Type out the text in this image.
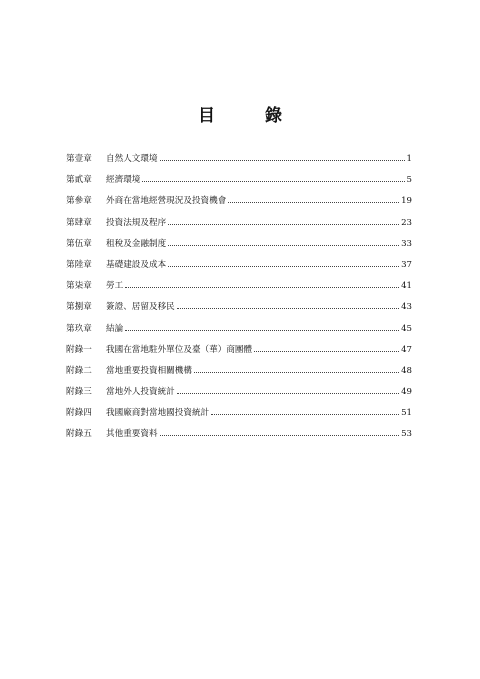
目 錄
第壹章	自然人文環境	1
第貳章	經濟環境	5
第參章	外商在當地經營現況及投資機會	19
第肆章	投資法規及程序	23
第伍章	租稅及金融制度	33
第陸章	基礎建設及成本	37
第柒章	勞工	41
第捌章	簽證、居留及移民	43
第玖章	結論	45
附錄一	我國在當地駐外單位及臺（華）商團體	47
附錄二	當地重要投資相關機構	48
附錄三	當地外人投資統計	49
附錄四	我國廠商對當地國投資統計	51
附錄五	其他重要資料	53
